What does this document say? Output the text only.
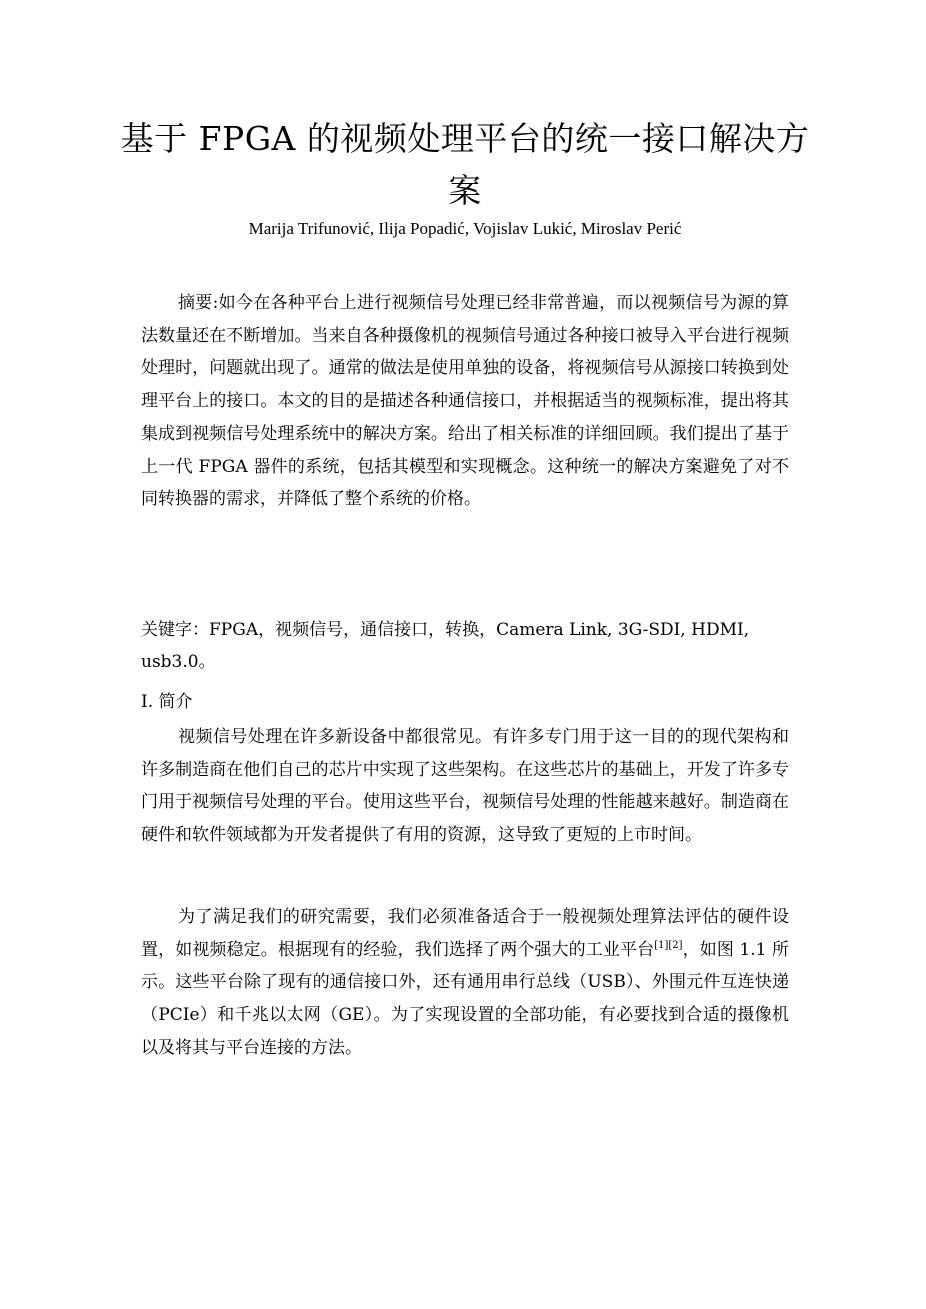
基于 FPGA 的视频处理平台的统一接口解决方案

Marija Trifunović, Ilija Popadić, Vojislav Lukić, Miroslav Perić

摘要:如今在各种平台上进行视频信号处理已经非常普遍，而以视频信号为源的算法数量还在不断增加。当来自各种摄像机的视频信号通过各种接口被导入平台进行视频处理时，问题就出现了。通常的做法是使用单独的设备，将视频信号从源接口转换到处理平台上的接口。本文的目的是描述各种通信接口，并根据适当的视频标准，提出将其集成到视频信号处理系统中的解决方案。给出了相关标准的详细回顾。我们提出了基于上一代 FPGA 器件的系统，包括其模型和实现概念。这种统一的解决方案避免了对不同转换器的需求，并降低了整个系统的价格。

关键字：FPGA，视频信号，通信接口，转换，Camera Link, 3G-SDI, HDMI, usb3.0。

I. 简介

视频信号处理在许多新设备中都很常见。有许多专门用于这一目的的现代架构和许多制造商在他们自己的芯片中实现了这些架构。在这些芯片的基础上，开发了许多专门用于视频信号处理的平台。使用这些平台，视频信号处理的性能越来越好。制造商在硬件和软件领域都为开发者提供了有用的资源，这导致了更短的上市时间。

为了满足我们的研究需要，我们必须准备适合于一般视频处理算法评估的硬件设置，如视频稳定。根据现有的经验，我们选择了两个强大的工业平台[1][2]，如图 1.1 所示。这些平台除了现有的通信接口外，还有通用串行总线（USB）、外围元件互连快递（PCIe）和千兆以太网（GE）。为了实现设置的全部功能，有必要找到合适的摄像机以及将其与平台连接的方法。
